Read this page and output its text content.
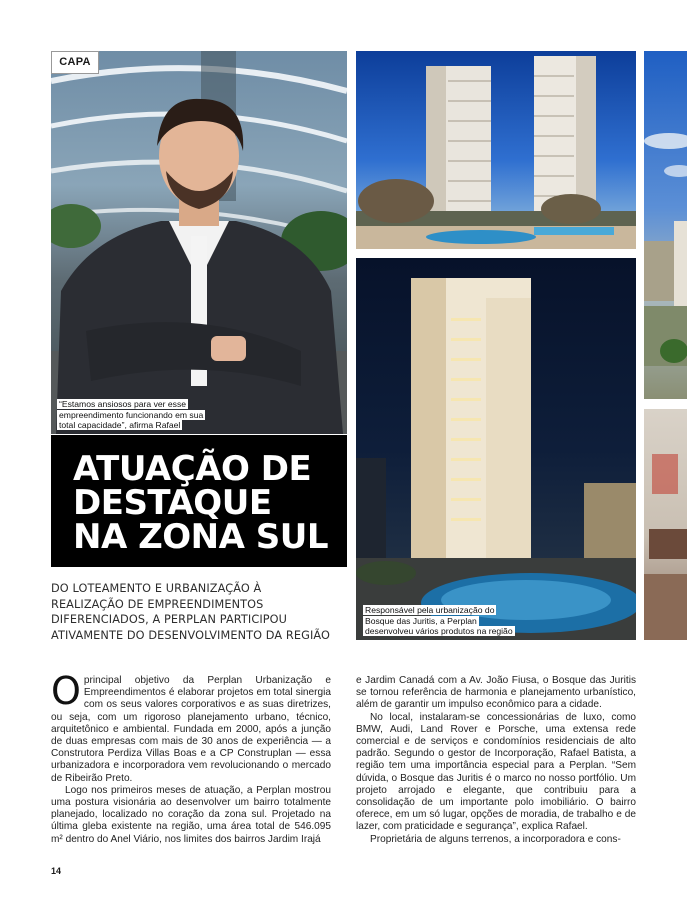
CAPA
“Estamos ansiosos para ver esse empreendimento funcionando em sua total capacidade”, afirma Rafael
Responsável pela urbanização do Bosque das Juritis, a Perplan desenvolveu vários produtos na região
ATUAÇÃO DE
DESTAQUE
NA ZONA SUL
DO LOTEAMENTO E URBANIZAÇÃO À
REALIZAÇÃO DE EMPREENDIMENTOS
DIFERENCIADOS, A PERPLAN PARTICIPOU
ATIVAMENTE DO DESENVOLVIMENTO DA REGIÃO

Oprincipal objetivo da Perplan Urbanização e Empreendimentos é elaborar projetos em total sinergia com os seus valores corporativos e as suas diretrizes, ou seja, com um rigoroso planejamento urbano, técnico, arquitetônico e ambiental. Fundada em 2000, após a junção de duas empresas com mais de 30 anos de experiência — a Construtora Perdiza Villas Boas e a CP Construplan — essa urbanizadora e incorporadora vem revolucionando o mercado de Ribeirão Preto.

Logo nos primeiros meses de atuação, a Perplan mostrou uma postura visionária ao desenvolver um bairro totalmente planejado, localizado no coração da zona sul. Projetado na última gleba existente na região, uma área total de 546.095 m² dentro do Anel Viário, nos limites dos bairros Jardim Irajá

e Jardim Canadá com a Av. João Fiusa, o Bosque das Juritis se tornou referência de harmonia e planejamento urbanístico, além de garantir um impulso econômico para a cidade.

No local, instalaram-se concessionárias de luxo, como BMW, Audi, Land Rover e Porsche, uma extensa rede comercial e de serviços e condomínios residenciais de alto padrão. Segundo o gestor de Incorporação, Rafael Batista, a região tem uma importância especial para a Perplan. “Sem dúvida, o Bosque das Juritis é o marco no nosso portfólio. Um projeto arrojado e elegante, que contribuiu para a consolidação de um importante polo imobiliário. O bairro oferece, em um só lugar, opções de moradia, de trabalho e de lazer, com praticidade e segurança”, explica Rafael.

Proprietária de alguns terrenos, a incorporadora e cons-

14
